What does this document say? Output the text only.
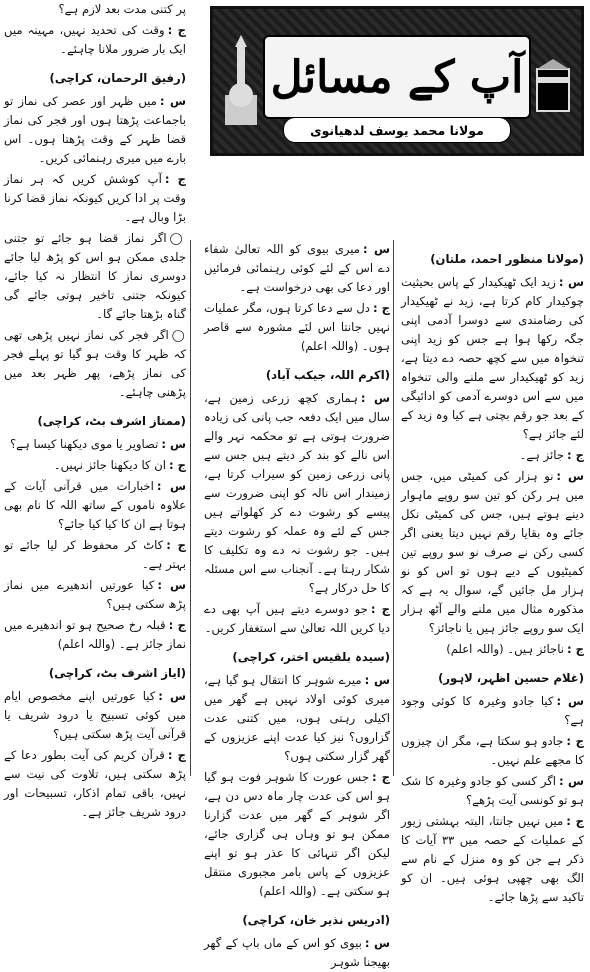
آپ کے مسائل
مولانا محمد یوسف لدھیانوی

(مولانا منظور احمد، ملتان)

س :زید ایک ٹھیکیدار کے پاس بحیثیت چوکیدار کام کرتا ہے، زید نے ٹھیکیدار کی رضامندی سے دوسرا آدمی اپنی جگہ رکھا ہوا ہے جس کو زید اپنی تنخواہ میں سے کچھ حصہ دے دیتا ہے، زید کو ٹھیکیدار سے ملنے والی تنخواہ میں سے اس دوسرے آدمی کو ادائیگی کے بعد جو رقم بچتی ہے کیا وہ زید کے لئے جائز ہے؟

ج :جائز ہے۔

س :نو ہزار کی کمیٹی میں، جس میں ہر رکن کو تین سو روپے ماہوار دینے ہوتے ہیں، جس کی کمیٹی نکل جائے وہ بقایا رقم نہیں دیتا یعنی اگر کسی رکن نے صرف نو سو روپے تین کمیٹیوں کے دیے ہوں تو اس کو نو ہزار مل جائیں گے، سوال یہ ہے کہ مذکورہ مثال میں ملنے والے آٹھ ہزار ایک سو روپے جائز ہیں یا ناجائز؟

ج :ناجائز ہیں۔ (واللہ اعلم)

(غلام حسین اظہر، لاہور)

س :کیا جادو وغیرہ کا کوئی وجود ہے؟

ج :جادو ہو سکتا ہے، مگر ان چیزوں کا مجھے علم نہیں۔

س :اگر کسی کو جادو وغیرہ کا شک ہو تو کونسی آیت پڑھے؟

ج :میں نہیں جانتا، البتہ بہشتی زیور کے عملیات کے حصہ میں ۳۳ آیات کا ذکر ہے جن کو وہ منزل کے نام سے الگ بھی چھپی ہوئی ہیں۔ ان کو تاکید سے پڑھا جائے۔

س :میری بیوی کو اللہ تعالیٰ شفاء دے اس کے لئے کوئی رہنمائی فرمائیں اور دعا کی بھی درخواست ہے۔

ج :دل سے دعا کرتا ہوں، مگر عملیات نہیں جانتا اس لئے مشورہ سے قاصر ہوں۔ (واللہ اعلم)

(اکرم اللہ، جیکب آباد)

س :ہماری کچھ زرعی زمین ہے، سال میں ایک دفعہ جب پانی کی زیادہ ضرورت ہوتی ہے تو محکمہ نہر والے اس نالے کو بند کر دیتے ہیں جس سے پانی زرعی زمین کو سیراب کرتا ہے، زمیندار اس نالہ کو اپنی ضرورت سے پیسے کو رشوت دے کر کھلواتے ہیں جس کے لئے وہ عملہ کو رشوت دیتے ہیں۔ جو رشوت نہ دے وہ تکلیف کا شکار رہتا ہے۔ آنجناب سے اس مسئلہ کا حل درکار ہے؟

ج :جو دوسرے دیتے ہیں آپ بھی دے دیا کریں اللہ تعالیٰ سے استغفار کریں۔

(سیدہ بلقیس اختر، کراچی)

س :میرے شوہر کا انتقال ہو گیا ہے، میری کوئی اولاد نہیں ہے گھر میں اکیلی رہتی ہوں، میں کتنی عدت گزاروں؟ نیز کیا عدت اپنے عزیزوں کے گھر گزار سکتی ہوں؟

ج :جس عورت کا شوہر فوت ہو گیا ہو اس کی عدت چار ماہ دس دن ہے، اگر شوہر کے گھر میں عدت گزارنا ممکن ہو تو وہاں ہی گزاری جائے، لیکن اگر تنہائی کا عذر ہو تو اپنے عزیزوں کے پاس بامر مجبوری منتقل ہو سکتی ہے۔ (واللہ اعلم)

(ادریس نذیر خان، کراچی)

س :بیوی کو اس کے ماں باپ کے گھر بھیجنا شوہر

پر کتنی مدت بعد لازم ہے؟

ج :وقت کی تحدید نہیں، مہینہ میں ایک بار ضرور ملانا چاہئے۔

(رفیق الرحمان، کراچی)

س :میں ظہر اور عصر کی نماز تو باجماعت پڑھتا ہوں اور فجر کی نماز قضا ظہر کے وقت پڑھتا ہوں۔ اس بارے میں میری رہنمائی کریں۔

ج :آپ کوشش کریں کہ ہر نماز وقت پر ادا کریں کیونکہ نماز قضا کرنا بڑا وبال ہے۔

◯اگر نماز قضا ہو جائے تو جتنی جلدی ممکن ہو اس کو پڑھ لیا جائے دوسری نماز کا انتظار نہ کیا جائے، کیونکہ جتنی تاخیر ہوتی جائے گی گناہ بڑھتا جائے گا۔

◯اگر فجر کی نماز نہیں پڑھی تھی کہ ظہر کا وقت ہو گیا تو پہلے فجر کی نماز پڑھے، پھر ظہر بعد میں پڑھنی چاہئے۔

(ممتاز اشرف بٹ، کراچی)

س :تصاویر یا موی دیکھنا کیسا ہے؟

ج :ان کا دیکھنا جائز نہیں۔

س :اخبارات میں قرآنی آیات کے علاوہ ناموں کے ساتھ اللہ کا نام بھی ہوتا ہے ان کا کیا کیا جائے؟

ج :کاٹ کر محفوظ کر لیا جائے تو بہتر ہے۔

س :کیا عورتیں اندھیرے میں نماز پڑھ سکتی ہیں؟

ج :قبلہ رخ صحیح ہو تو اندھیرے میں نماز جائز ہے۔ (واللہ اعلم)

(ایاز اشرف بٹ، کراچی)

س :کیا عورتیں اپنے مخصوص ایام میں کوئی تسبیح یا درود شریف یا قرآنی آیت پڑھ سکتی ہیں؟

ج :قرآن کریم کی آیت بطور دعا کے پڑھ سکتی ہیں، تلاوت کی نیت سے نہیں، باقی تمام اذکار، تسبیحات اور درود شریف جائز ہے۔
